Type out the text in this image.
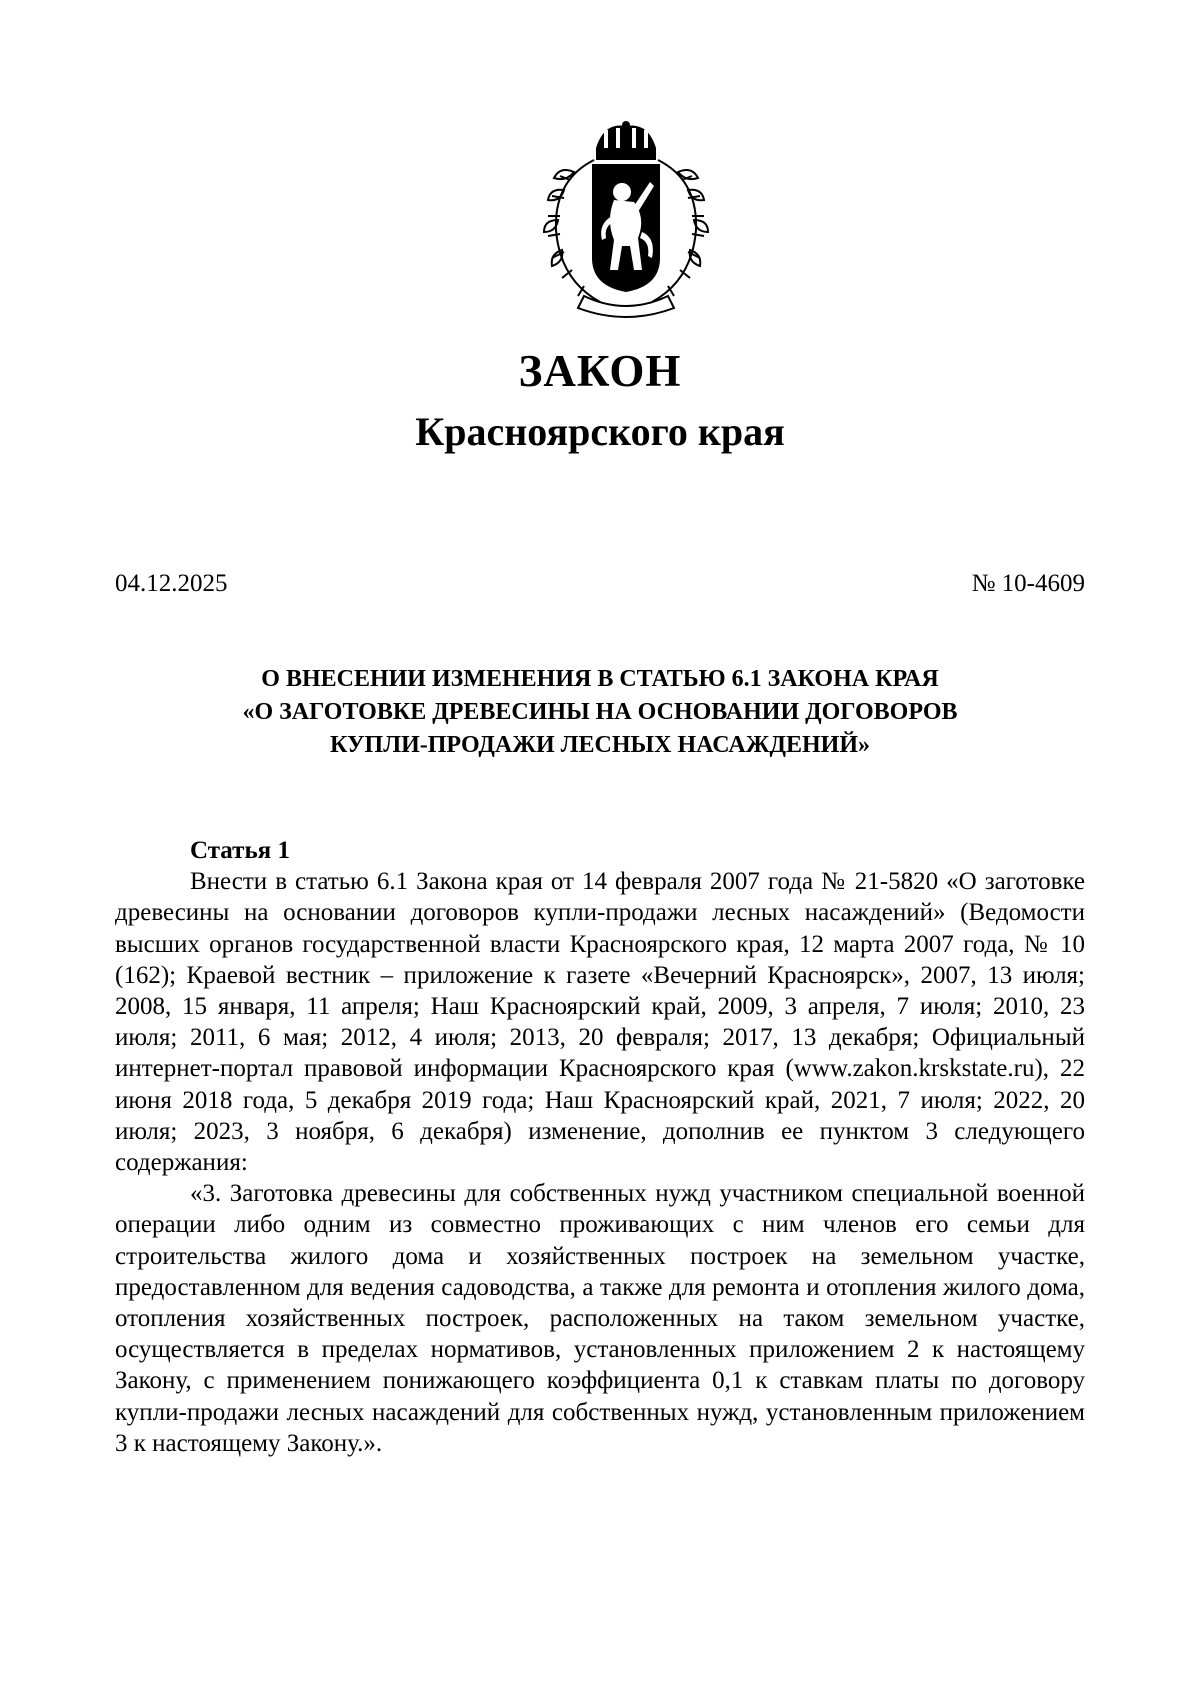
ЗАКОН
Красноярского края
04.12.2025	№ 10-4609
О ВНЕСЕНИИ ИЗМЕНЕНИЯ В СТАТЬЮ 6.1 ЗАКОНА КРАЯ
«О ЗАГОТОВКЕ ДРЕВЕСИНЫ НА ОСНОВАНИИ ДОГОВОРОВ
КУПЛИ-ПРОДАЖИ ЛЕСНЫХ НАСАЖДЕНИЙ»
Статья 1

Внести в статью 6.1 Закона края от 14 февраля 2007 года № 21-5820 «О заготовке древесины на основании договоров купли-продажи лесных насаждений» (Ведомости высших органов государственной власти Красноярского края, 12 марта 2007 года, № 10 (162); Краевой вестник – приложение к газете «Вечерний Красноярск», 2007, 13 июля; 2008, 15 января, 11 апреля; Наш Красноярский край, 2009, 3 апреля, 7 июля; 2010, 23 июля; 2011, 6 мая; 2012, 4 июля; 2013, 20 февраля; 2017, 13 декабря; Официальный интернет-портал правовой информации Красноярского края (www.zakon.krskstate.ru), 22 июня 2018 года, 5 декабря 2019 года; Наш Красноярский край, 2021, 7 июля; 2022, 20 июля; 2023, 3 ноября, 6 декабря) изменение, дополнив ее пунктом 3 следующего содержания:

«3. Заготовка древесины для собственных нужд участником специальной военной операции либо одним из совместно проживающих с ним членов его семьи для строительства жилого дома и хозяйственных построек на земельном участке, предоставленном для ведения садоводства, а также для ремонта и отопления жилого дома, отопления хозяйственных построек, расположенных на таком земельном участке, осуществляется в пределах нормативов, установленных приложением 2 к настоящему Закону, с применением понижающего коэффициента 0,1 к ставкам платы по договору купли-продажи лесных насаждений для собственных нужд, установленным приложением 3 к настоящему Закону.».
